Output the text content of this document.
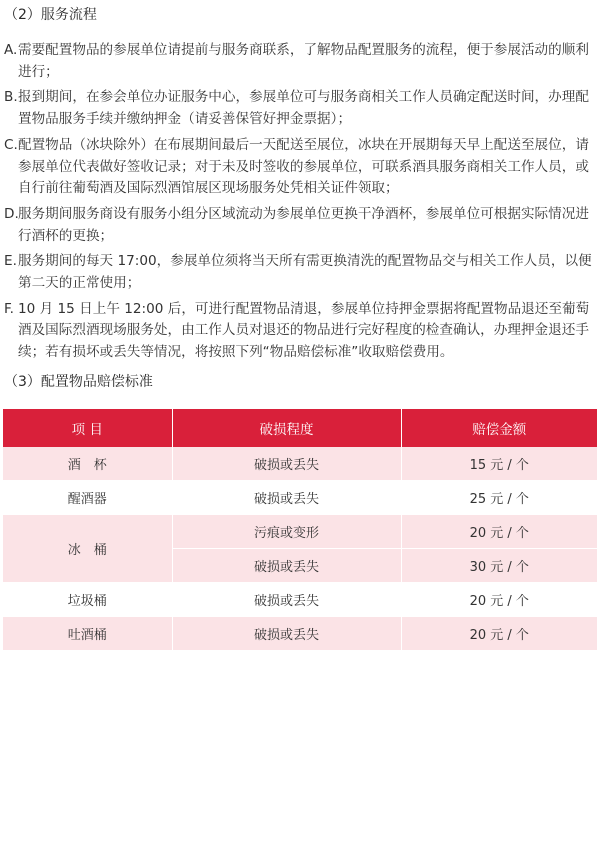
（2）服务流程
A. 需要配置物品的参展单位请提前与服务商联系，了解物品配置服务的流程，便于参展活动的顺利进行；
B. 报到期间，在参会单位办证服务中心，参展单位可与服务商相关工作人员确定配送时间，办理配置物品服务手续并缴纳押金（请妥善保管好押金票据）；
C. 配置物品（冰块除外）在布展期间最后一天配送至展位，冰块在开展期每天早上配送至展位，请参展单位代表做好签收记录；对于未及时签收的参展单位，可联系酒具服务商相关工作人员，或自行前往葡萄酒及国际烈酒馆展区现场服务处凭相关证件领取；
D. 服务期间服务商设有服务小组分区域流动为参展单位更换干净酒杯，参展单位可根据实际情况进行酒杯的更换；
E. 服务期间的每天 17:00，参展单位须将当天所有需更换清洗的配置物品交与相关工作人员，以便第二天的正常使用；
F. 10 月 15 日上午 12:00 后，可进行配置物品清退，参展单位持押金票据将配置物品退还至葡萄酒及国际烈酒现场服务处，由工作人员对退还的物品进行完好程度的检查确认，办理押金退还手续；若有损坏或丢失等情况，将按照下列“物品赔偿标准”收取赔偿费用。
（3）配置物品赔偿标准
项 目	破损程度	赔偿金额
酒　杯	破损或丢失	15 元 / 个
醒酒器	破损或丢失	25 元 / 个
冰　桶	污痕或变形	20 元 / 个
	破损或丢失	30 元 / 个
垃圾桶	破损或丢失	20 元 / 个
吐酒桶	破损或丢失	20 元 / 个
